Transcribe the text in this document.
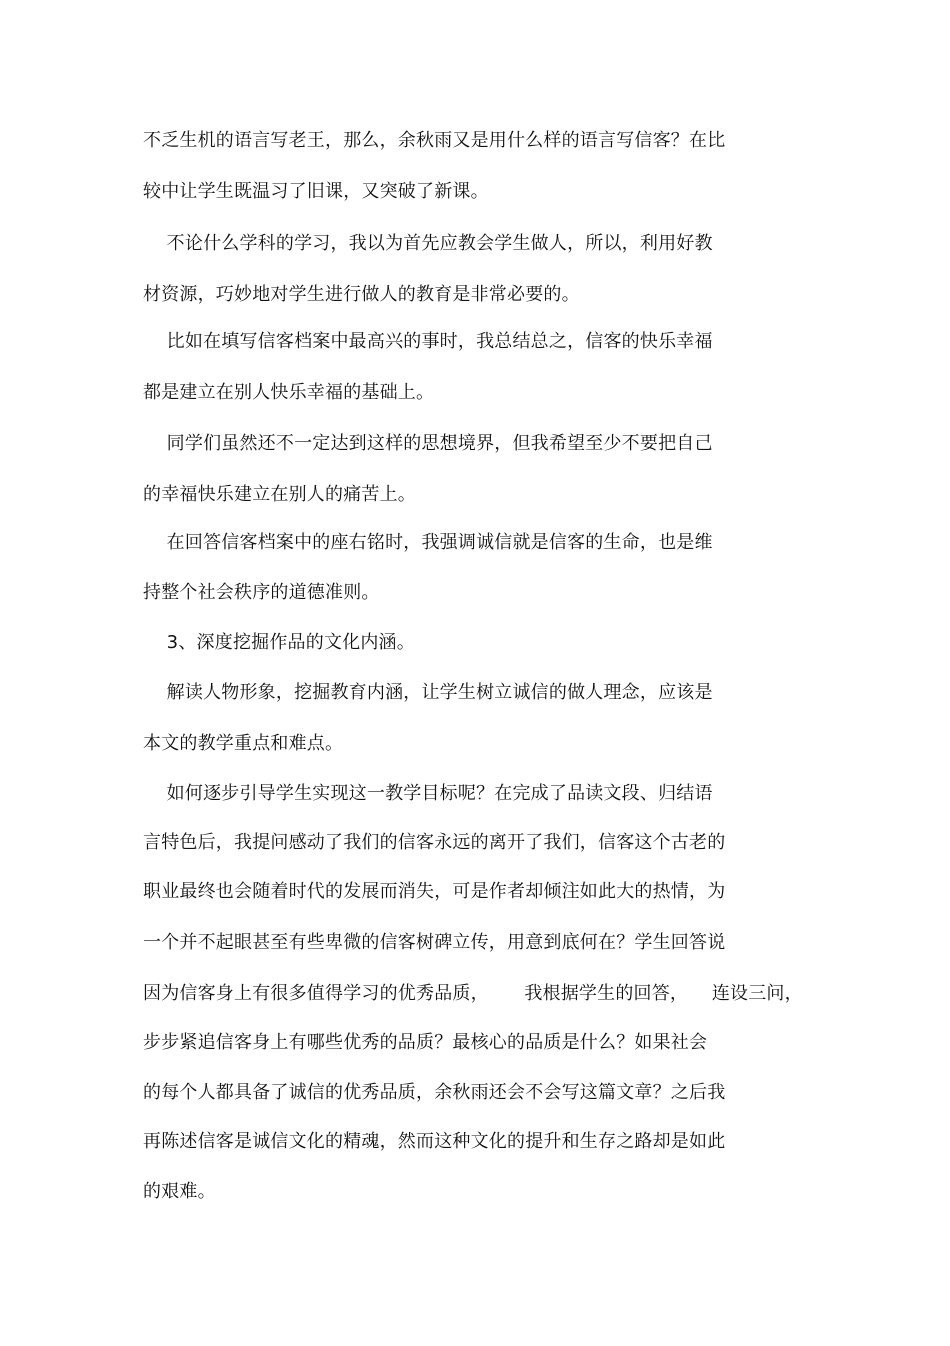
不乏生机的语言写老王，那么，余秋雨又是用什么样的语言写信客？在比
较中让学生既温习了旧课，又突破了新课。
不论什么学科的学习，我以为首先应教会学生做人，所以，利用好教
材资源，巧妙地对学生进行做人的教育是非常必要的。
比如在填写信客档案中最高兴的事时，我总结总之，信客的快乐幸福
都是建立在别人快乐幸福的基础上。
同学们虽然还不一定达到这样的思想境界，但我希望至少不要把自己
的幸福快乐建立在别人的痛苦上。
在回答信客档案中的座右铭时，我强调诚信就是信客的生命，也是维
持整个社会秩序的道德准则。
3、深度挖掘作品的文化内涵。
解读人物形象，挖掘教育内涵，让学生树立诚信的做人理念，应该是
本文的教学重点和难点。
如何逐步引导学生实现这一教学目标呢？在完成了品读文段、归结语
言特色后，我提问感动了我们的信客永远的离开了我们，信客这个古老的
职业最终也会随着时代的发展而消失，可是作者却倾注如此大的热情，为
一个并不起眼甚至有些卑微的信客树碑立传，用意到底何在？学生回答说
因为信客身上有很多值得学习的优秀品质，      我根据学生的回答，    连设三问，
步步紧追信客身上有哪些优秀的品质？最核心的品质是什么？如果社会
的每个人都具备了诚信的优秀品质，余秋雨还会不会写这篇文章？之后我
再陈述信客是诚信文化的精魂，然而这种文化的提升和生存之路却是如此
的艰难。
